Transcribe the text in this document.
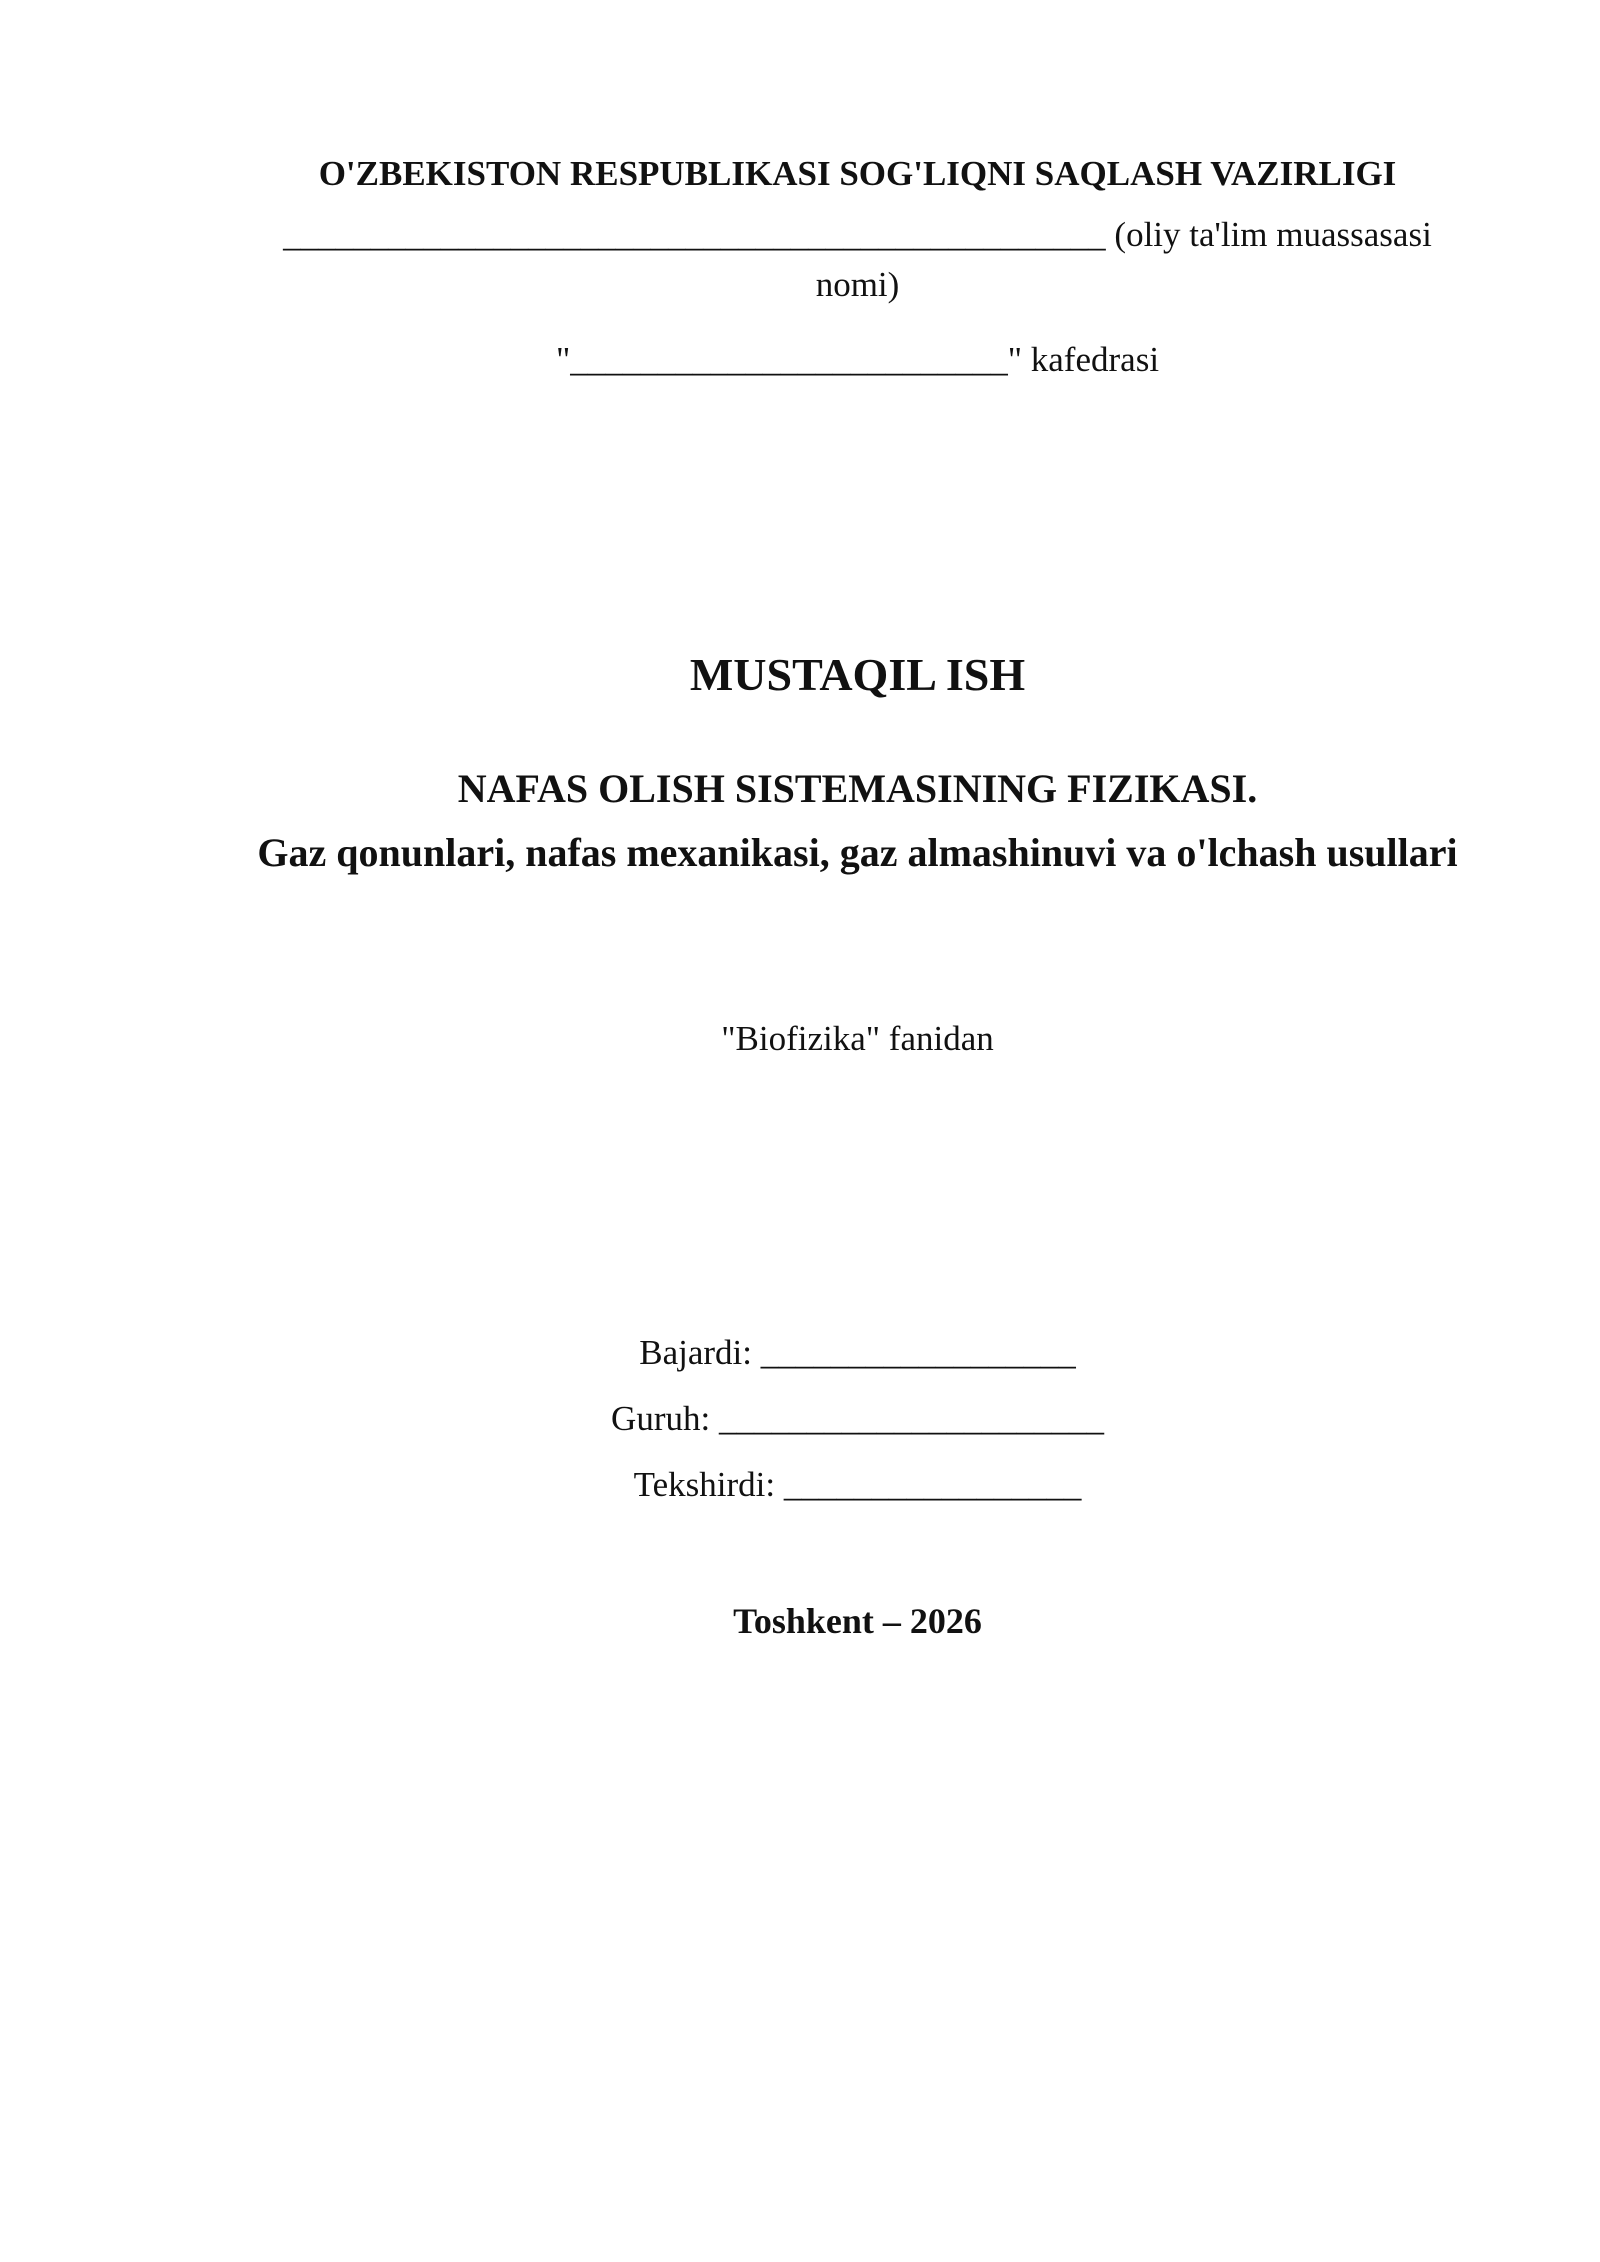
O'ZBEKISTON RESPUBLIKASI SOG'LIQNI SAQLASH VAZIRLIGI
_______________________________________________ (oliy ta'lim muassasasi nomi)
"_________________________" kafedrasi
MUSTAQIL ISH
NAFAS OLISH SISTEMASINING FIZIKASI.
Gaz qonunlari, nafas mexanikasi, gaz almashinuvi va o'lchash usullari
"Biofizika" fanidan
Bajardi: __________________
Guruh: ______________________
Tekshirdi: _________________
Toshkent – 2026
